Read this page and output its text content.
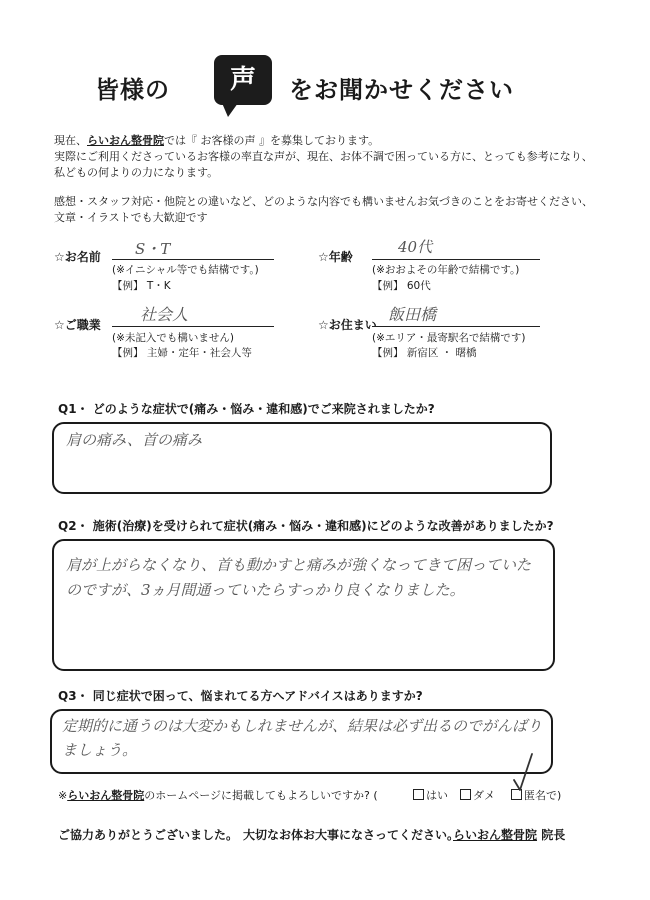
皆様の	声	をお聞かせください
現在、らいおん整骨院では『 お客様の声 』を募集しております。
実際にご利用くださっているお客様の率直な声が、現在、お体不調で困っている方に、とっても参考になり、
私どもの何よりの力になります。
感想・スタッフ対応・他院との違いなど、どのような内容でも構いませんお気づきのことをお寄せください、
文章・イラストでも大歓迎です
☆お名前 S・T
(※イニシャル等でも結構です。)
【例】 T・K
☆年齢
40代
(※おおよその年齢で結構です。)
【例】 60代
☆ご職業
社会人
(※未記入でも構いません)
【例】 主婦・定年・社会人等
☆お住まい
飯田橋
(※エリア・最寄駅名で結構です)
【例】 新宿区 ・ 曙橋
Q1・ どのような症状で(痛み・悩み・違和感)でご来院されましたか?
肩の痛み、首の痛み
Q2・ 施術(治療)を受けられて症状(痛み・悩み・違和感)にどのような改善がありましたか?
肩が上がらなくなり、首も動かすと痛みが強くなってきて困っていた
のですが、3ヵ月間通っていたらすっかり良くなりました。
Q3・ 同じ症状で困って、悩まれてる方へアドバイスはありますか?
定期的に通うのは大変かもしれませんが、結果は必ず出るのでがんばり
ましょう。
※らいおん整骨院のホームページに掲載してもよろしいですか? (	はい	ダメ	匿名で)
ご協力ありがとうございました。 大切なお体お大事になさってください。
らいおん整骨院 院長
